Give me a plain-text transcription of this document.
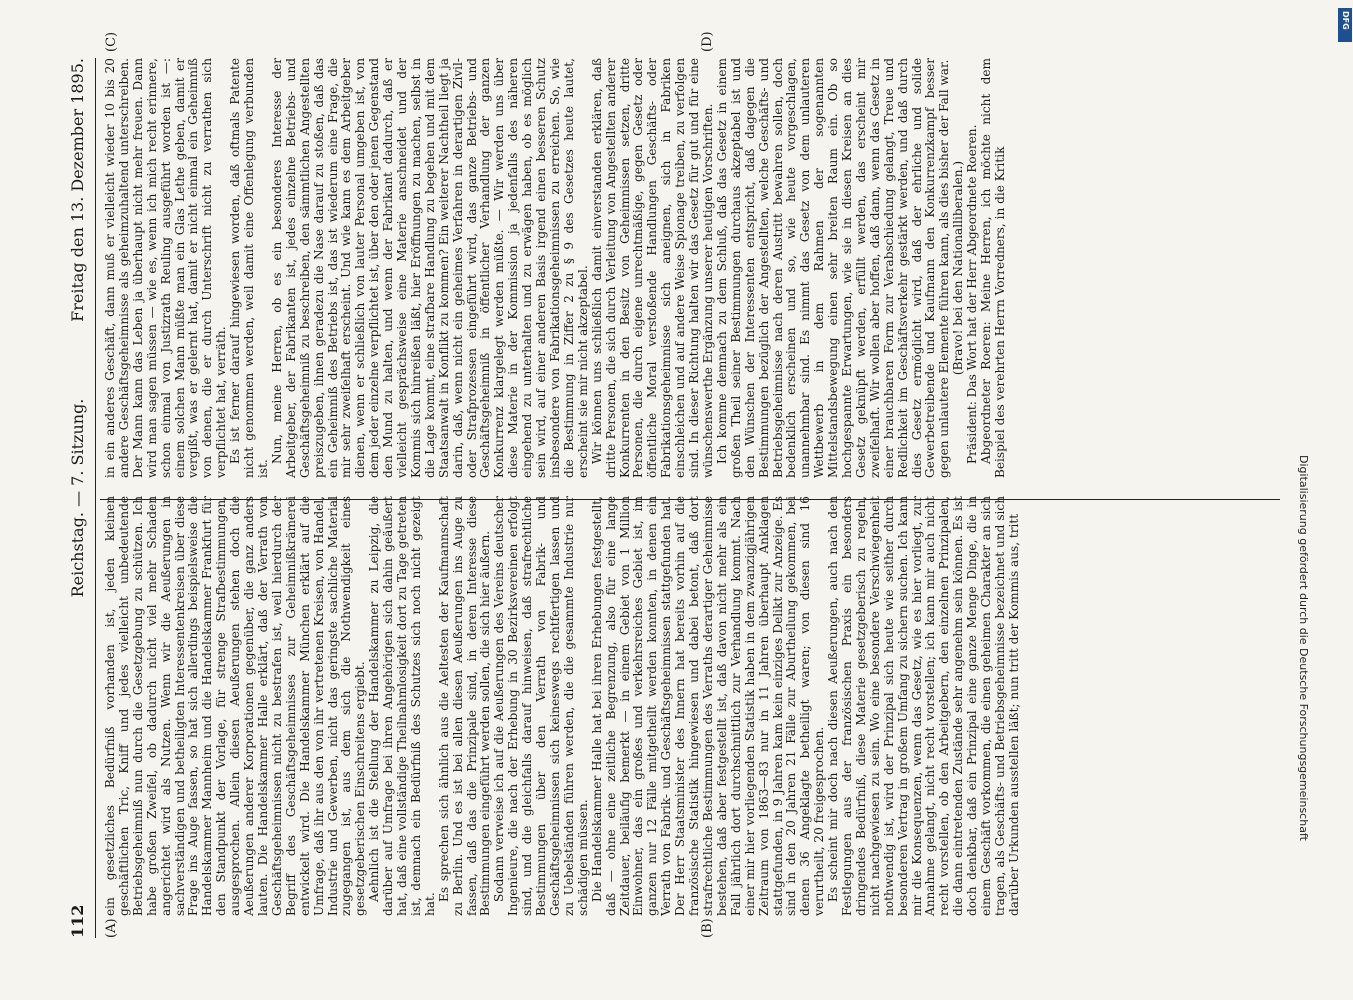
112
Reichstag. — 7. Sitzung.
Freitag den 13. Dezember 1895.
(A)	(B)
(C)	(D)

ein gesetzliches Bedürfniß vorhanden ist, jeden kleinen geschäftlichen Tric, Kniff und jedes vielleicht unbedeutende Betriebsgeheimniß nun durch die Gesetzgebung zu schützen. Ich habe großen Zweifel, ob dadurch nicht viel mehr Schaden angerichtet wird als Nutzen. Wenn wir die Aeußerungen in sachverständigen und betheiligten Interessentenkreisen über diese Frage ins Auge fassen, so hat sich allerdings beispielsweise die Handelskammer Mannheim und die Handelskammer Frankfurt für den Standpunkt der Vorlage, für strenge Strafbestimmungen, ausgesprochen. Allein diesen Aeußerungen stehen doch die Aeußerungen anderer Korporationen gegenüber, die ganz anders lauten. Die Handelskammer Halle erklärt, daß der Verrath von Geschäftsgeheimnissen nicht zu bestrafen ist, weil hierdurch der Begriff des Geschäftsgeheimnisses zur Geheimnißkrämerei entwickelt wird. Die Handelskammer München erklärt auf die Umfrage, daß ihr aus den von ihr vertretenen Kreisen, von Handel, Industrie und Gewerben, nicht das geringste sachliche Material zugegangen ist, aus dem sich die Nothwendigkeit eines gesetzgeberischen Einschreitens ergiebt. Aehnlich ist die Stellung der Handelskammer zu Leipzig, die darüber auf Umfrage bei ihren Angehörigen sich dahin geäußert hat, daß eine vollständige Theilnahmlosigkeit dort zu Tage getreten ist, demnach ein Bedürfniß des Schutzes sich noch nicht gezeigt hat.

Es sprechen sich ähnlich aus die Aeltesten der Kaufmannschaft zu Berlin. Und es ist bei allen diesen Aeußerungen ins Auge zu fassen, daß das die Prinzipale sind, in deren Interesse diese Bestimmungen eingeführt werden sollen, die sich hier äußern. Sodann verweise ich auf die Aeußerungen des Vereins deutscher Ingenieure, die nach der Erhebung in 30 Bezirksvereinen erfolgt sind, und die gleichfalls darauf hinweisen, daß strafrechtliche Bestimmungen über den Verrath von Fabrik- und Geschäftsgeheimnissen sich keineswegs rechtfertigen lassen und zu Uebelständen führen werden, die die gesammte Industrie nur schädigen müssen. Die Handelskammer Halle hat bei ihren Erhebungen festgestellt, daß — ohne eine zeitliche Begrenzung, also für eine lange Zeitdauer, beiläufig bemerkt — in einem Gebiet von 1 Million Einwohner, das ein großes und verkehrsreiches Gebiet ist, im ganzen nur 12 Fälle mitgetheilt werden konnten, in denen ein Verrath von Fabrik- und Geschäftsgeheimnissen stattgefunden hat. Der Herr Staatsminister des Innern hat bereits vorhin auf die französische Statistik hingewiesen und dabei betont, daß dort strafrechtliche Bestimmungen des Verraths derartiger Geheimnisse bestehen, daß aber festgestellt ist, daß davon nicht mehr als ein Fall jährlich dort durchschnittlich zur Verhandlung kommt. Nach einer mir hier vorliegenden Statistik haben in dem zwanzigjährigen Zeitraum von 1863—83 nur in 11 Jahren überhaupt Anklagen stattgefunden, in 9 Jahren kam kein einziges Delikt zur Anzeige. Es sind in den 20 Jahren 21 Fälle zur Aburtheilung gekommen, bei denen 36 Angeklagte betheiligt waren; von diesen sind 16 verurtheilt, 20 freigesprochen. Es scheint mir doch nach diesen Aeußerungen, auch nach den Festlegungen aus der französischen Praxis ein besonders dringendes Bedürfniß, diese Materie gesetzgeberisch zu regeln, nicht nachgewiesen zu sein. Wo eine besondere Verschwiegenheit nothwendig ist, wird der Prinzipal sich heute wie seither durch besonderen Vertrag in großem Umfang zu sichern suchen. Ich kann mir die Konsequenzen, wenn das Gesetz, wie es hier vorliegt, zur Annahme gelangt, nicht recht vorstellen; ich kann mir auch nicht recht vorstellen, ob den Arbeitgebern, den einzelnen Prinzipalen, die dann eintretenden Zustände sehr angenehm sein können. Es ist doch denkbar, daß ein Prinzipal eine ganze Menge Dinge, die in einem Geschäft vorkommen, die einen geheimen Charakter an sich tragen, als Geschäfts- und Betriebsgeheimnisse bezeichnet und sich darüber Urkunden ausstellen läßt; nun tritt der Kommis aus, tritt

in ein anderes Geschäft, dann muß er vielleicht wieder 10 bis 20 andere Geschäftsgeheimnisse als geheimzuhaltend unterschreiben. Der Mann kann das Leben ja überhaupt nicht mehr freuen. Dann wird man sagen müssen — wie es, wenn ich mich recht erinnere, schon einmal von Justizrath Reuling ausgeführt worden ist —: einem solchen Mann müßte man ein Glas Lethe geben, damit er vergißt, was er gelernt hat, damit er nicht einmal ein Geheimniß von denen, die er durch Unterschrift nicht zu verrathen sich verpflichtet hat, verräth. Es ist ferner darauf hingewiesen worden, daß oftmals Patente nicht genommen werden, weil damit eine Offenlegung verbunden ist.

Nun, meine Herren, ob es ein besonderes Interesse der Arbeitgeber, der Fabrikanten ist, jedes einzelne Betriebs- und Geschäftsgeheimniß zu beschreiben, den sämmtlichen Angestellten preiszugeben, ihnen geradezu die Nase darauf zu stoßen, daß das ein Geheimniß des Betriebs ist, das ist wiederum eine Frage, die mir sehr zweifelhaft erscheint. Und wie kann es dem Arbeitgeber dienen, wenn er schließlich von lauter Personal umgeben ist, von dem jeder einzelne verpflichtet ist, über den oder jenen Gegenstand den Mund zu halten, und wenn der Fabrikant dadurch, daß er vielleicht gesprächsweise eine Materie anschneidet und der Kommis sich hinreißen läßt, hier Eröffnungen zu machen, selbst in die Lage kommt, eine strafbare Handlung zu begehen und mit dem Staatsanwalt in Konflikt zu kommen? Ein weiterer Nachtheil liegt ja darin, daß, wenn nicht ein geheimes Verfahren in derartigen Zivil- oder Strafprozessen eingeführt wird, das ganze Betriebs- und Geschäftsgeheimniß in öffentlicher Verhandlung der ganzen Konkurrenz klargelegt werden müßte. — Wir werden uns über diese Materie in der Kommission ja jedenfalls des näheren eingehend zu unterhalten und zu erwägen haben, ob es möglich sein wird, auf einer anderen Basis irgend einen besseren Schutz insbesondere von Fabrikationsgeheimnissen zu erreichen. So, wie die Bestimmung in Ziffer 2 zu § 9 des Gesetzes heute lautet, erscheint sie mir nicht akzeptabel. Wir können uns schließlich damit einverstanden erklären, daß dritte Personen, die sich durch Verleitung von Angestellten anderer Konkurrenten in den Besitz von Geheimnissen setzen, dritte Personen, die durch eigene unrechtmäßige, gegen Gesetz oder öffentliche Moral verstoßende Handlungen Geschäfts- oder Fabrikationsgeheimnisse sich aneignen, sich in Fabriken einschleichen und auf andere Weise Spionage treiben, zu verfolgen sind. In dieser Richtung halten wir das Gesetz für gut und für eine wünschenswerthe Ergänzung unserer heutigen Vorschriften. Ich komme demnach zu dem Schluß, daß das Gesetz in einem großen Theil seiner Bestimmungen durchaus akzeptabel ist und den Wünschen der Interessenten entspricht, daß dagegen die Bestimmungen bezüglich der Angestellten, welche Geschäfts- und Betriebsgeheimnisse nach deren Austritt bewahren sollen, doch bedenklich erscheinen und so, wie heute vorgeschlagen, unannehmbar sind. Es nimmt das Gesetz von dem unlauteren Wettbewerb in dem Rahmen der sogenannten Mittelstandsbewegung einen sehr breiten Raum ein. Ob so hochgespannte Erwartungen, wie sie in diesen Kreisen an dies Gesetz geknüpft werden, erfüllt werden, das erscheint mir zweifelhaft. Wir wollen aber hoffen, daß dann, wenn das Gesetz in einer brauchbaren Form zur Verabschiedung gelangt, Treue und Redlichkeit im Geschäftsverkehr gestärkt werden, und daß durch dies Gesetz ermöglicht wird, daß der ehrliche und solide Gewerbetreibende und Kaufmann den Konkurrenzkampf besser gegen unlautere Elemente führen kann, als dies bisher der Fall war. (Bravo! bei den Nationalliberalen.) Präsident: Das Wort hat der Herr Abgeordnete Roeren. Abgeordneter Roeren: Meine Herren, ich möchte nicht dem Beispiel des verehrten Herrn Vorredners, in die Kritik

Digitalisierung gefördert durch die Deutsche Forschungsgemeinschaft
DFG
